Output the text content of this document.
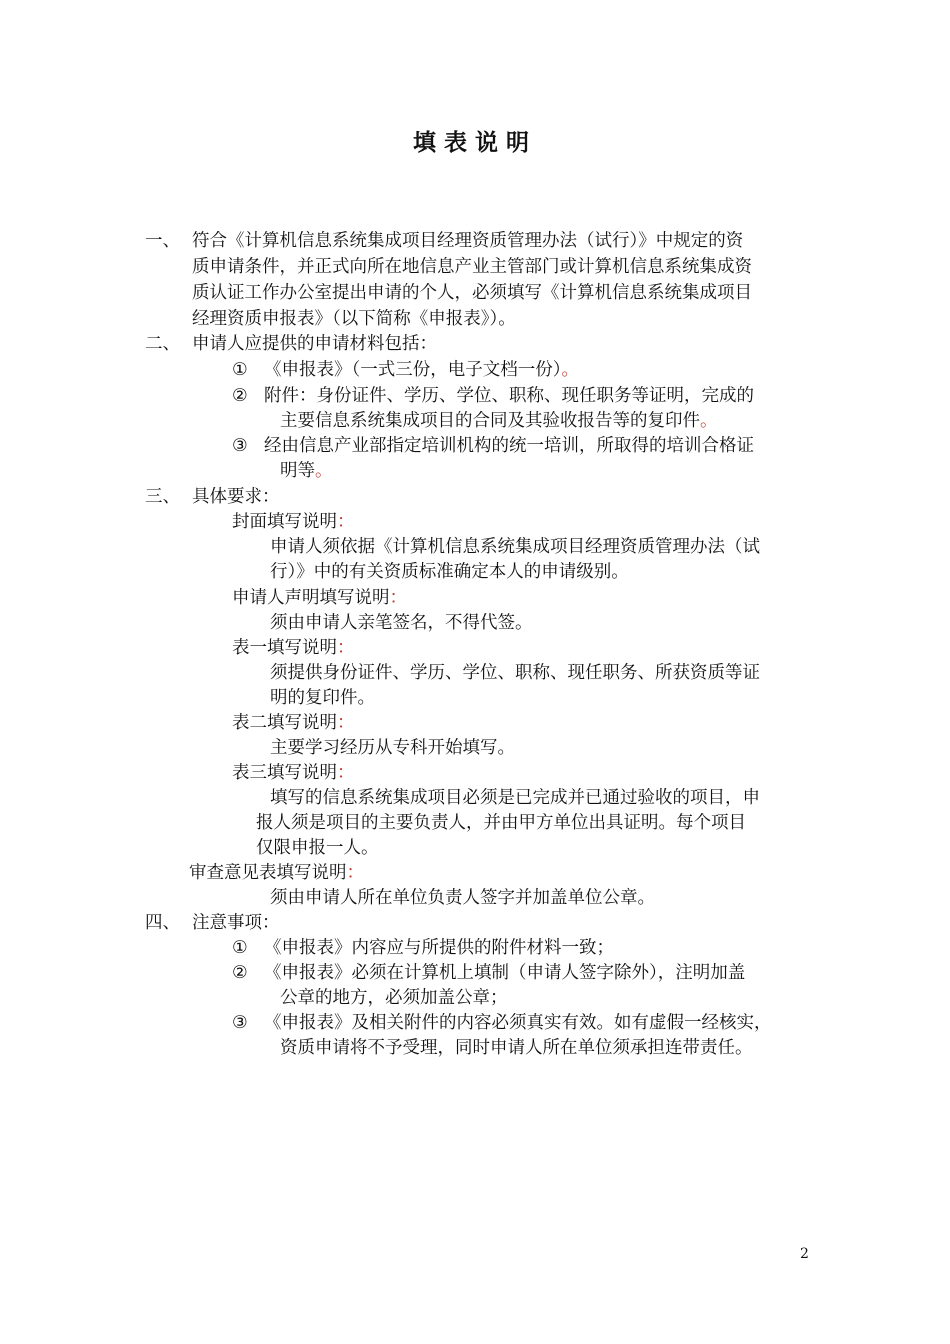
填表说明
一、 符合《计算机信息系统集成项目经理资质管理办法（试行）》中规定的资
质申请条件，并正式向所在地信息产业主管部门或计算机信息系统集成资
质认证工作办公室提出申请的个人，必须填写《计算机信息系统集成项目
经理资质申报表》（以下简称《申报表》）。
二、 申请人应提供的申请材料包括：
① 《申报表》（一式三份，电子文档一份）。
② 附件：身份证件、学历、学位、职称、现任职务等证明，完成的
主要信息系统集成项目的合同及其验收报告等的复印件。
③ 经由信息产业部指定培训机构的统一培训，所取得的培训合格证
明等。
三、 具体要求：
封面填写说明：
申请人须依据《计算机信息系统集成项目经理资质管理办法（试
行）》中的有关资质标准确定本人的申请级别。
申请人声明填写说明：
须由申请人亲笔签名，不得代签。
表一填写说明：
须提供身份证件、学历、学位、职称、现任职务、所获资质等证
明的复印件。
表二填写说明：
主要学习经历从专科开始填写。
表三填写说明：
填写的信息系统集成项目必须是已完成并已通过验收的项目，申
报人须是项目的主要负责人，并由甲方单位出具证明。每个项目
仅限申报一人。
审查意见表填写说明：
须由申请人所在单位负责人签字并加盖单位公章。
四、 注意事项：
① 《申报表》内容应与所提供的附件材料一致；
② 《申报表》必须在计算机上填制（申请人签字除外），注明加盖
公章的地方，必须加盖公章；
③ 《申报表》及相关附件的内容必须真实有效。如有虚假一经核实，
资质申请将不予受理，同时申请人所在单位须承担连带责任。
2
